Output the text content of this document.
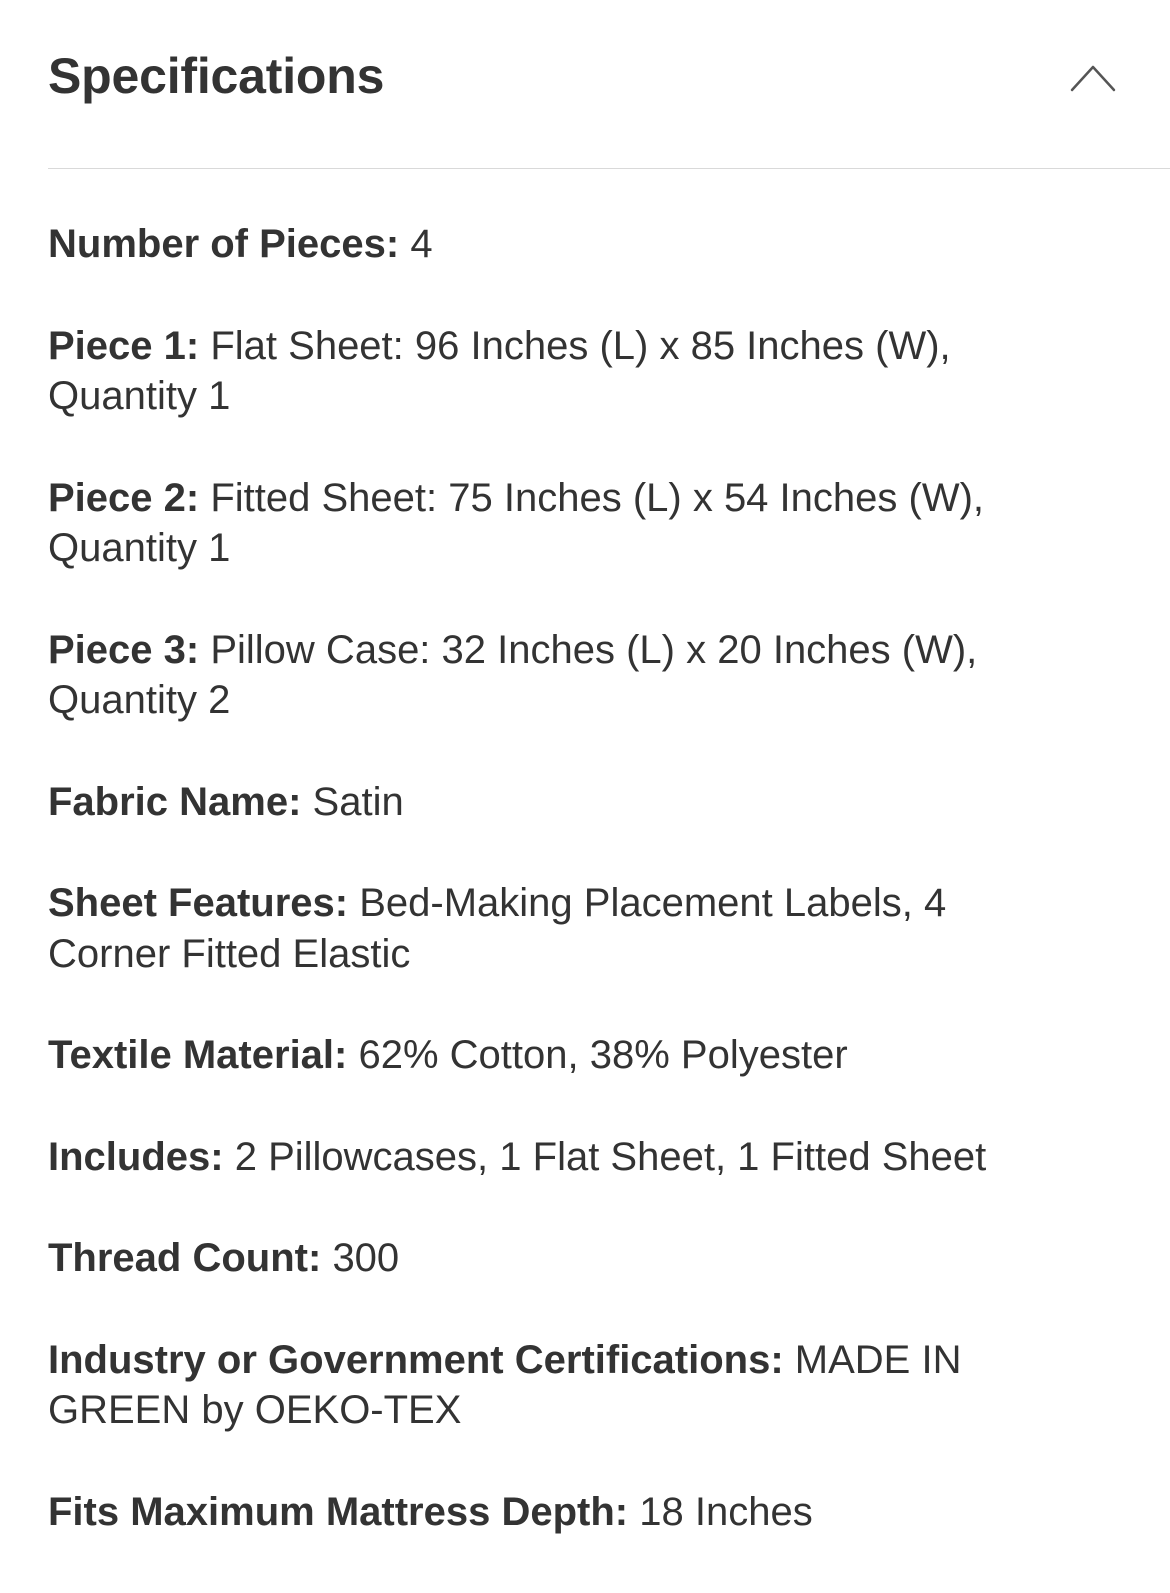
Specifications
Number of Pieces: 4
Piece 1: Flat Sheet: 96 Inches (L) x 85 Inches (W), Quantity 1
Piece 2: Fitted Sheet: 75 Inches (L) x 54 Inches (W), Quantity 1
Piece 3: Pillow Case: 32 Inches (L) x 20 Inches (W), Quantity 2
Fabric Name: Satin
Sheet Features: Bed-Making Placement Labels, 4 Corner Fitted Elastic
Textile Material: 62% Cotton, 38% Polyester
Includes: 2 Pillowcases, 1 Flat Sheet, 1 Fitted Sheet
Thread Count: 300
Industry or Government Certifications: MADE IN GREEN by OEKO-TEX
Fits Maximum Mattress Depth: 18 Inches
